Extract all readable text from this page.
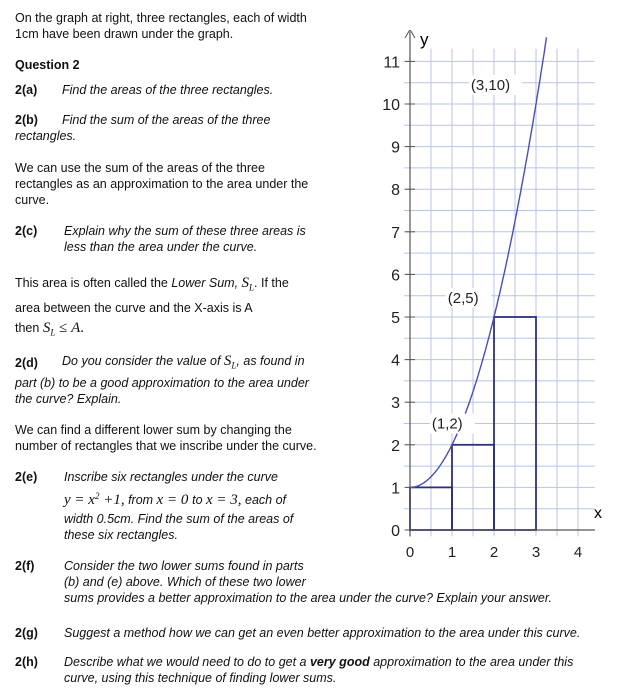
On the graph at right, three rectangles, each of width
1cm have been drawn under the graph.
Question 2
2(a) Find the areas of the three rectangles.
2(b)	Find the sum of the areas of the three
rectangles.
We can use the sum of the areas of the three
rectangles as an approximation to the area under the
curve.
2(c) Explain why the sum of these three areas is
less than the area under the curve.
This area is often called the Lower Sum, $S_L$. If the
area between the curve and the X-axis is A
then $S_L \le A$.
2(d)	Do you consider the value of $S_L$, as found in
part (b) to be a good approximation to the area under
the curve? Explain.
We can find a different lower sum by changing the
number of rectangles that we inscribe under the curve.
2(e) Inscribe six rectangles under the curve
$y = x^2 +1$, from x = 0 to x = 3, each of
width 0.5cm. Find the sum of the areas of
these six rectangles.
2(f) Consider the two lower sums found in parts
(b) and (e) above. Which of these two lower
sums provides a better approximation to the area under the curve? Explain your answer.
2(g) Suggest a method how we can get an even better approximation to the area under this curve.
2(h) Describe what we would need to do to get a very good approximation to the area under this
curve, using this technique of finding lower sums.
0
1
2
3
4
5
6
7
8
9
10
11
0 1 2 3 4
(1,2)
(2,5)
(3,10)
y
x
